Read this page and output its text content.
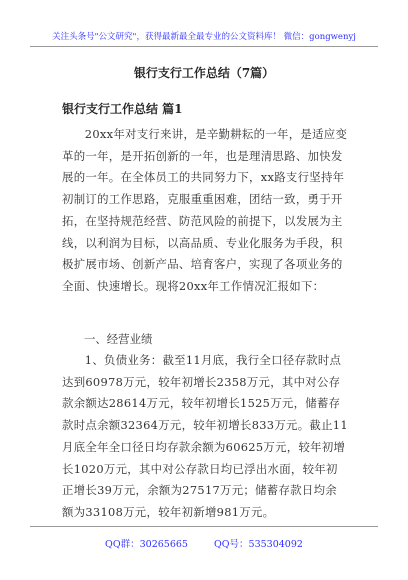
关注头条号"公文研究"，获得最新最全最专业的公文资料库！ 微信：gongwenyj
银行支行工作总结（7篇）
银行支行工作总结 篇1
20xx年对支行来讲，是辛勤耕耘的一年，是适应变革的一年，是开拓创新的一年，也是理清思路、加快发展的一年。在全体员工的共同努力下，xx路支行坚持年初制订的工作思路，克服重重困难，团结一致，勇于开拓，在坚持规范经营、防范风险的前提下，以发展为主线，以利润为目标，以高品质、专业化服务为手段，积极扩展市场、创新产品、培育客户，实现了各项业务的全面、快速增长。现将20xx年工作情况汇报如下：
一、经营业绩
1、负债业务：截至11月底，我行全口径存款时点达到60978万元，较年初增长2358万元，其中对公存款余额达28614万元，较年初增长1525万元，储蓄存款时点余额32364万元，较年初增长833万元。截止11月底全年全口径日均存款余额为60625万元，较年初增长1020万元，其中对公存款日均已浮出水面，较年初正增长39万元，余额为27517万元；储蓄存款日均余额为33108万元，较年初新增981万元。
QQ群：30265665	QQ号：535304092
